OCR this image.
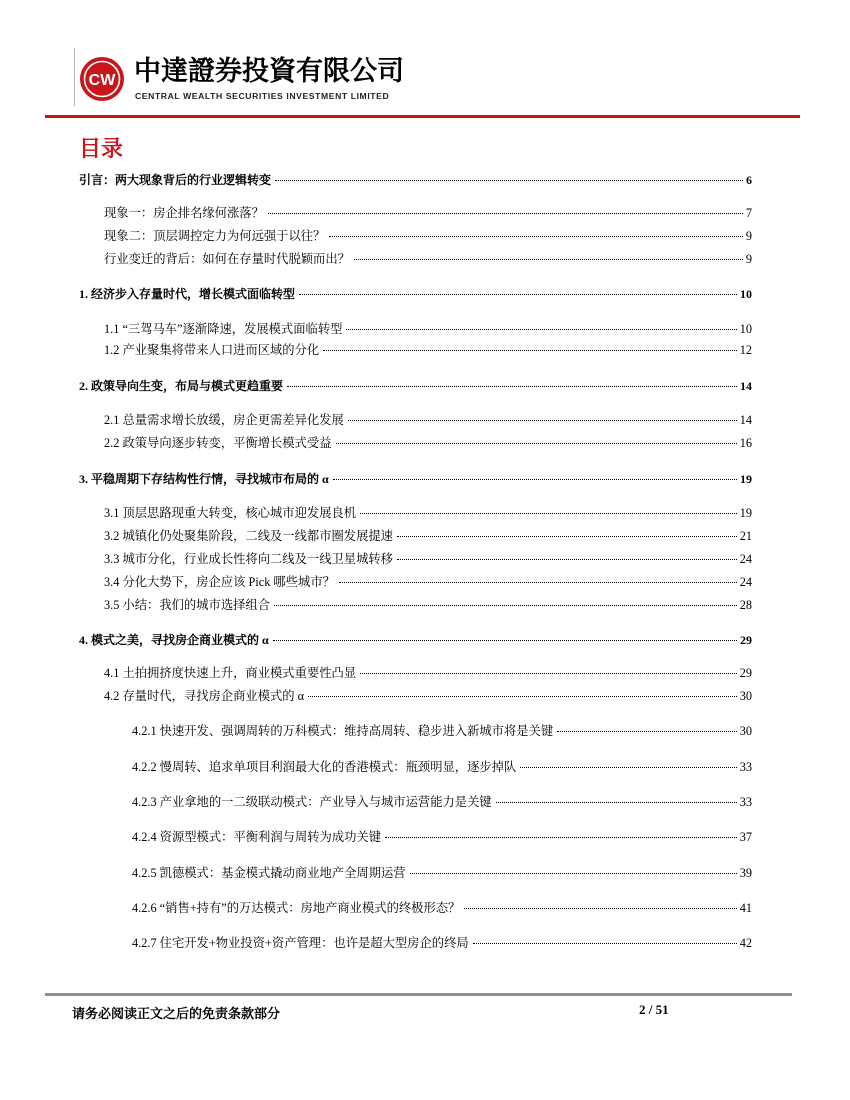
CW 中達證券投資有限公司
CENTRAL WEALTH SECURITIES INVESTMENT LIMITED
目录
引言：两大现象背后的行业逻辑转变	6
现象一：房企排名缘何涨落？	7
现象二：顶层调控定力为何远强于以往？	9
行业变迁的背后：如何在存量时代脱颖而出？	9
1. 经济步入存量时代，增长模式面临转型	10
1.1 “三驾马车”逐渐降速，发展模式面临转型	10
1.2 产业聚集将带来人口进而区域的分化	12
2. 政策导向生变，布局与模式更趋重要	14
2.1 总量需求增长放缓，房企更需差异化发展	14
2.2 政策导向逐步转变，平衡增长模式受益	16
3. 平稳周期下存结构性行情，寻找城市布局的 α	19
3.1 顶层思路现重大转变，核心城市迎发展良机	19
3.2 城镇化仍处聚集阶段，二线及一线都市圈发展提速	21
3.3 城市分化，行业成长性将向二线及一线卫星城转移	24
3.4 分化大势下，房企应该 Pick 哪些城市？	24
3.5 小结：我们的城市选择组合	28
4. 模式之美，寻找房企商业模式的 α	29
4.1 土拍拥挤度快速上升，商业模式重要性凸显	29
4.2 存量时代，寻找房企商业模式的 α	30
4.2.1 快速开发、强调周转的万科模式：维持高周转、稳步进入新城市将是关键	30
4.2.2 慢周转、追求单项目利润最大化的香港模式：瓶颈明显，逐步掉队	33
4.2.3 产业拿地的一二级联动模式：产业导入与城市运营能力是关键	33
4.2.4 资源型模式：平衡利润与周转为成功关键	37
4.2.5 凯德模式：基金模式撬动商业地产全周期运营	39
4.2.6 “销售+持有”的万达模式：房地产商业模式的终极形态？	41
4.2.7 住宅开发+物业投资+资产管理：也许是超大型房企的终局	42
请务必阅读正文之后的免责条款部分	2 / 51
